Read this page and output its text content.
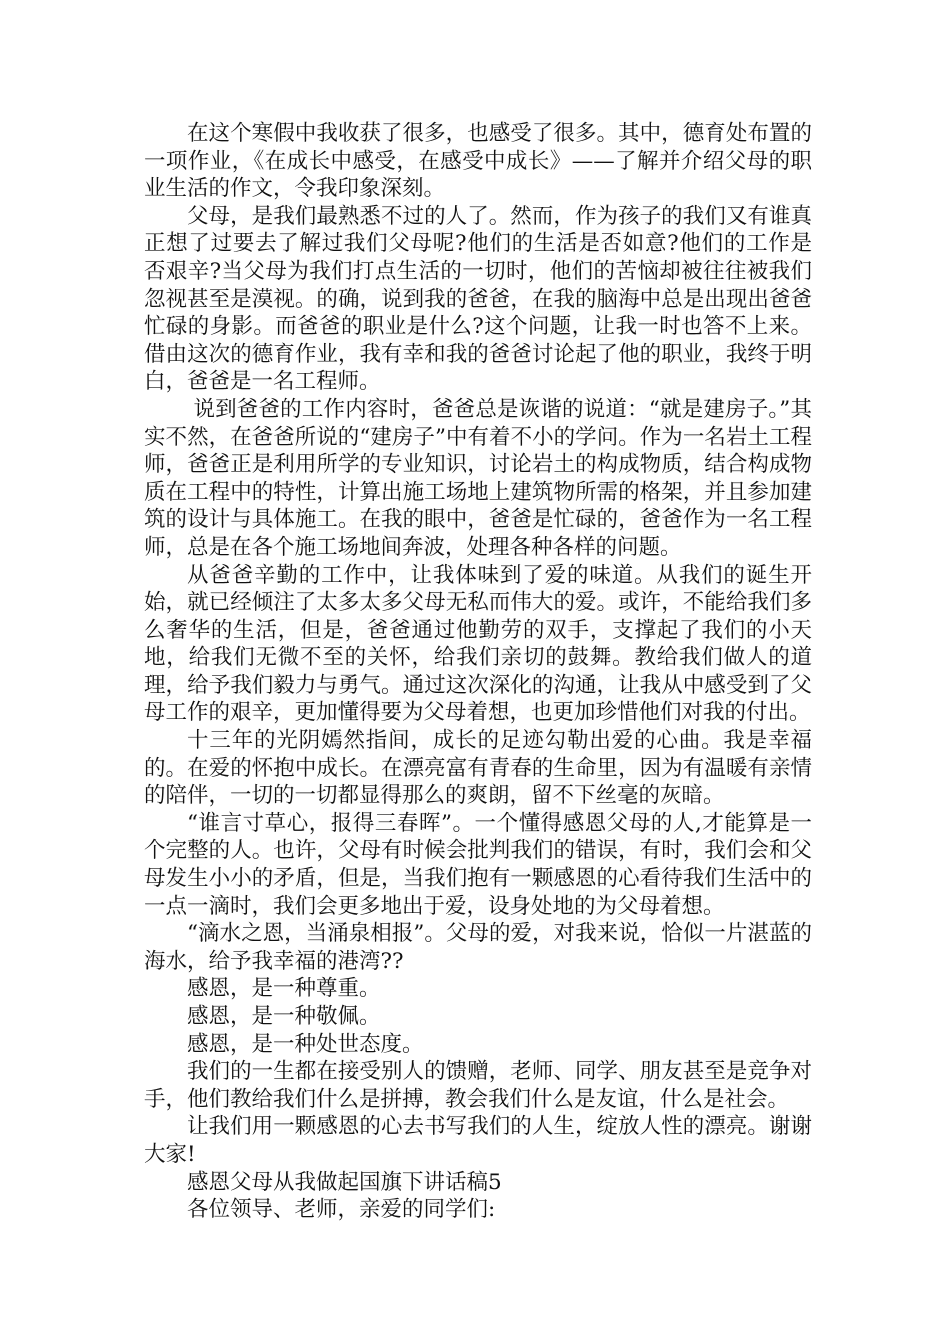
在这个寒假中我收获了很多，也感受了很多。其中，德育处布置的一项作业，《在成长中感受，在感受中成长》——了解并介绍父母的职业生活的作文，令我印象深刻。

父母，是我们最熟悉不过的人了。然而，作为孩子的我们又有谁真正想了过要去了解过我们父母呢?他们的生活是否如意?他们的工作是否艰辛?当父母为我们打点生活的一切时，他们的苦恼却被往往被我们忽视甚至是漠视。的确，说到我的爸爸，在我的脑海中总是出现出爸爸忙碌的身影。而爸爸的职业是什么?这个问题，让我一时也答不上来。借由这次的德育作业，我有幸和我的爸爸讨论起了他的职业，我终于明白，爸爸是一名工程师。

说到爸爸的工作内容时，爸爸总是诙谐的说道：“就是建房子。”其实不然，在爸爸所说的“建房子”中有着不小的学问。作为一名岩土工程师，爸爸正是利用所学的专业知识，讨论岩土的构成物质，结合构成物质在工程中的特性，计算出施工场地上建筑物所需的格架，并且参加建筑的设计与具体施工。在我的眼中，爸爸是忙碌的，爸爸作为一名工程师，总是在各个施工场地间奔波，处理各种各样的问题。

从爸爸辛勤的工作中，让我体味到了爱的味道。从我们的诞生开始，就已经倾注了太多太多父母无私而伟大的爱。或许，不能给我们多么奢华的生活，但是，爸爸通过他勤劳的双手，支撑起了我们的小天地，给我们无微不至的关怀，给我们亲切的鼓舞。教给我们做人的道理，给予我们毅力与勇气。通过这次深化的沟通，让我从中感受到了父母工作的艰辛，更加懂得要为父母着想，也更加珍惜他们对我的付出。

十三年的光阴嫣然指间，成长的足迹勾勒出爱的心曲。我是幸福的。在爱的怀抱中成长。在漂亮富有青春的生命里，因为有温暖有亲情的陪伴，一切的一切都显得那么的爽朗，留不下丝毫的灰暗。

“谁言寸草心，报得三春晖”。一个懂得感恩父母的人,才能算是一个完整的人。也许，父母有时候会批判我们的错误，有时，我们会和父母发生小小的矛盾，但是，当我们抱有一颗感恩的心看待我们生活中的一点一滴时，我们会更多地出于爱，设身处地的为父母着想。

“滴水之恩，当涌泉相报”。父母的爱，对我来说，恰似一片湛蓝的海水，给予我幸福的港湾??

感恩，是一种尊重。

感恩，是一种敬佩。

感恩，是一种处世态度。

我们的一生都在接受别人的馈赠，老师、同学、朋友甚至是竞争对手，他们教给我们什么是拼搏，教会我们什么是友谊，什么是社会。

让我们用一颗感恩的心去书写我们的人生，绽放人性的漂亮。谢谢大家!

感恩父母从我做起国旗下讲话稿5

各位领导、老师，亲爱的同学们:
